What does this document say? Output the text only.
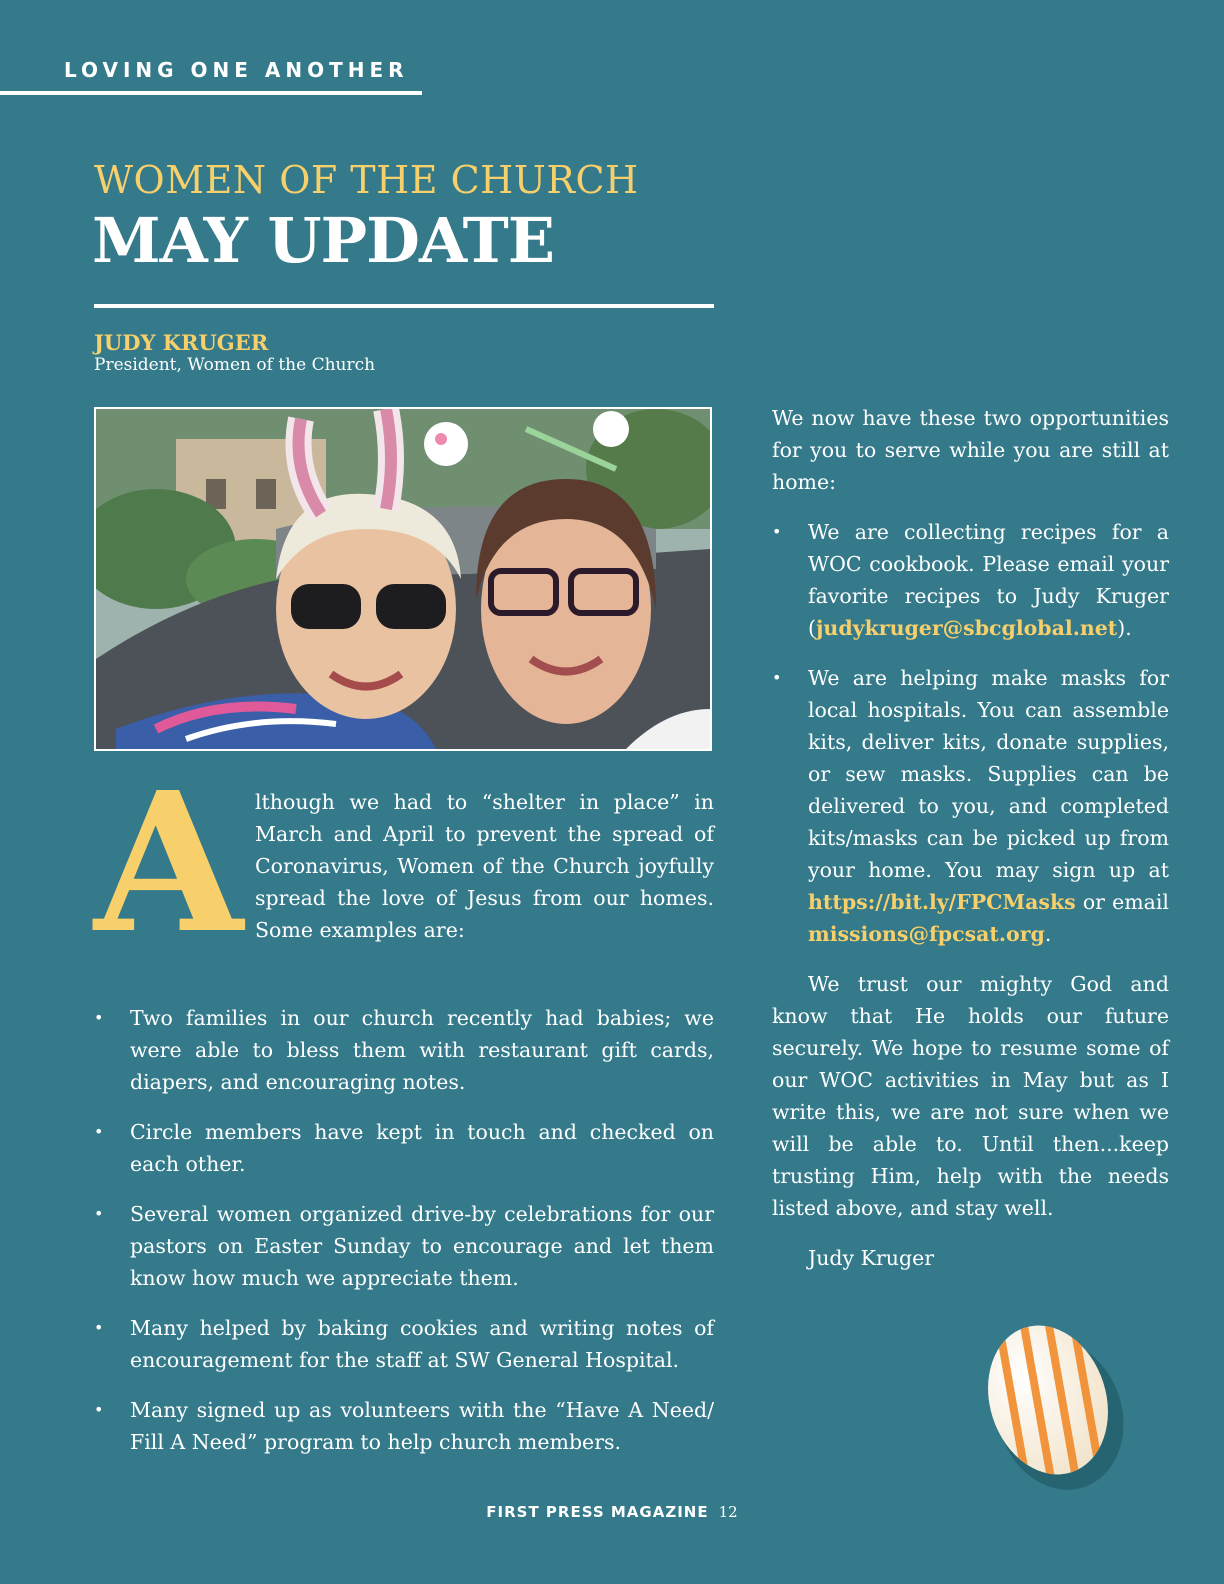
LOVING ONE ANOTHER
WOMEN OF THE CHURCH
MAY UPDATE
JUDY KRUGER
President, Women of the Church
A lthough we had to “shelter in place” in March and April to prevent the spread of Coronavirus, Women of the Church joyfully spread the love of Jesus from our homes. Some examples are:

• Two families in our church recently had babies; we were able to bless them with restaurant gift cards, diapers, and encouraging notes.
• Circle members have kept in touch and checked on each other.
• Several women organized drive-by celebrations for our pastors on Easter Sunday to encourage and let them know how much we appreciate them.
• Many helped by baking cookies and writing notes of encouragement for the staff at SW General Hospital.
• Many signed up as volunteers with the “Have A Need/ Fill A Need” program to help church members.

We now have these two opportunities for you to serve while you are still at home:

• We are collecting recipes for a WOC cookbook. Please email your favorite recipes to Judy Kruger (judykruger@sbcglobal.net).
• We are helping make masks for local hospitals. You can assemble kits, deliver kits, donate supplies, or sew masks. Supplies can be delivered to you, and completed kits/masks can be picked up from your home. You may sign up at https://bit.ly/FPCMasks or email missions@fpcsat.org.

We trust our mighty God and know that He holds our future securely. We hope to resume some of our WOC activities in May but as I write this, we are not sure when we will be able to. Until then...keep trusting Him, help with the needs listed above, and stay well.

Judy Kruger

FIRST PRESS MAGAZINE 12
